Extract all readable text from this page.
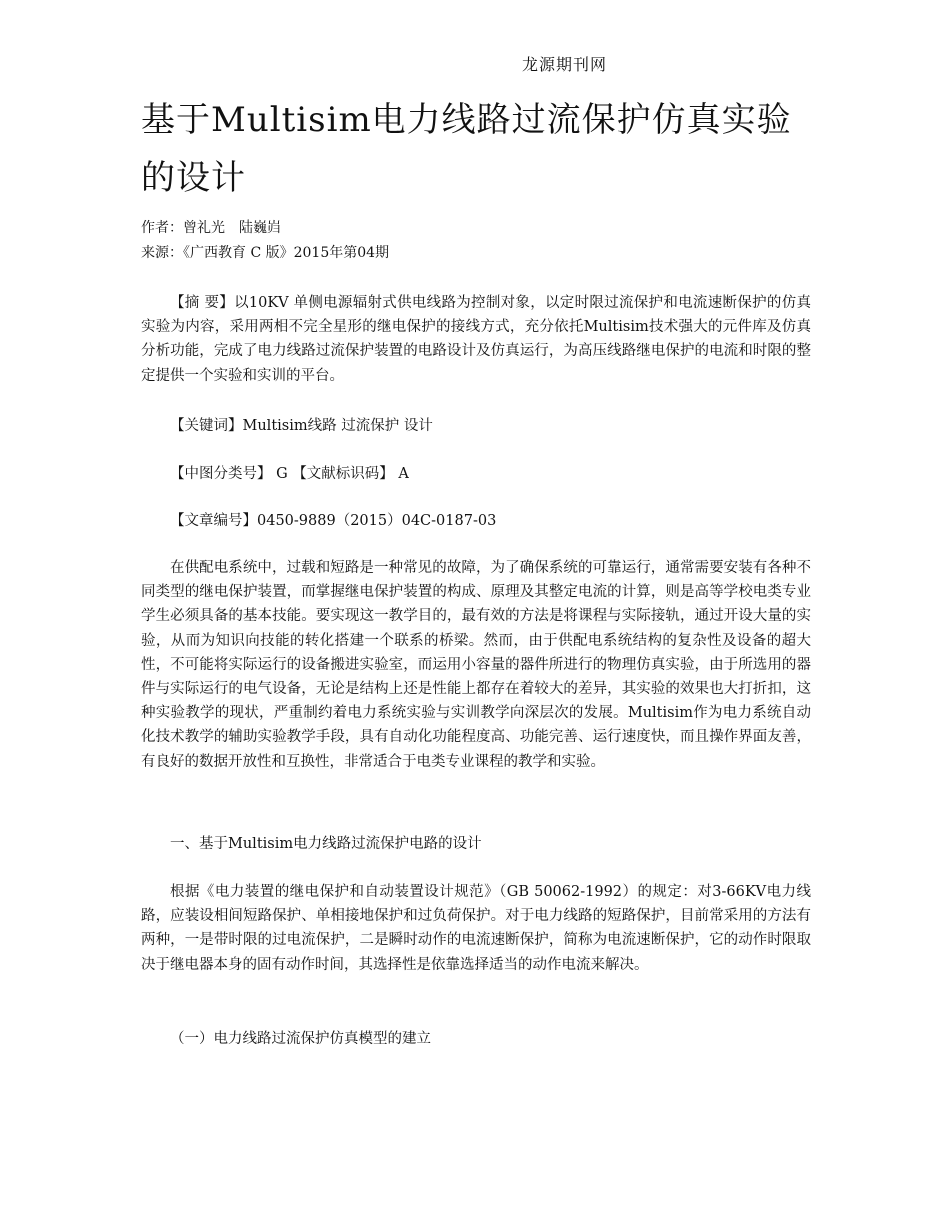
龙源期刊网
基于Multisim电力线路过流保护仿真实验的设计
作者：曾礼光　陆巍岿
来源：《广西教育 C 版》2015年第04期

【摘 要】以10KV 单侧电源辐射式供电线路为控制对象，以定时限过流保护和电流速断保护的仿真实验为内容，采用两相不完全星形的继电保护的接线方式，充分依托Multisim技术强大的元件库及仿真分析功能，完成了电力线路过流保护装置的电路设计及仿真运行，为高压线路继电保护的电流和时限的整定提供一个实验和实训的平台。

【关键词】Multisim线路 过流保护 设计

【中图分类号】 G 【文献标识码】 A

【文章编号】0450-9889（2015）04C-0187-03

在供配电系统中，过载和短路是一种常见的故障，为了确保系统的可靠运行，通常需要安装有各种不同类型的继电保护装置，而掌握继电保护装置的构成、原理及其整定电流的计算，则是高等学校电类专业学生必须具备的基本技能。要实现这一教学目的，最有效的方法是将课程与实际接轨，通过开设大量的实验，从而为知识向技能的转化搭建一个联系的桥梁。然而，由于供配电系统结构的复杂性及设备的超大性，不可能将实际运行的设备搬进实验室，而运用小容量的器件所进行的物理仿真实验，由于所选用的器件与实际运行的电气设备，无论是结构上还是性能上都存在着较大的差异，其实验的效果也大打折扣，这种实验教学的现状，严重制约着电力系统实验与实训教学向深层次的发展。Multisim作为电力系统自动化技术教学的辅助实验教学手段，具有自动化功能程度高、功能完善、运行速度快，而且操作界面友善，有良好的数据开放性和互换性，非常适合于电类专业课程的教学和实验。

一、基于Multisim电力线路过流保护电路的设计

根据《电力装置的继电保护和自动装置设计规范》（GB 50062-1992）的规定：对3-66KV电力线路，应装设相间短路保护、单相接地保护和过负荷保护。对于电力线路的短路保护，目前常采用的方法有两种，一是带时限的过电流保护，二是瞬时动作的电流速断保护，简称为电流速断保护，它的动作时限取决于继电器本身的固有动作时间，其选择性是依靠选择适当的动作电流来解决。

（一）电力线路过流保护仿真模型的建立
